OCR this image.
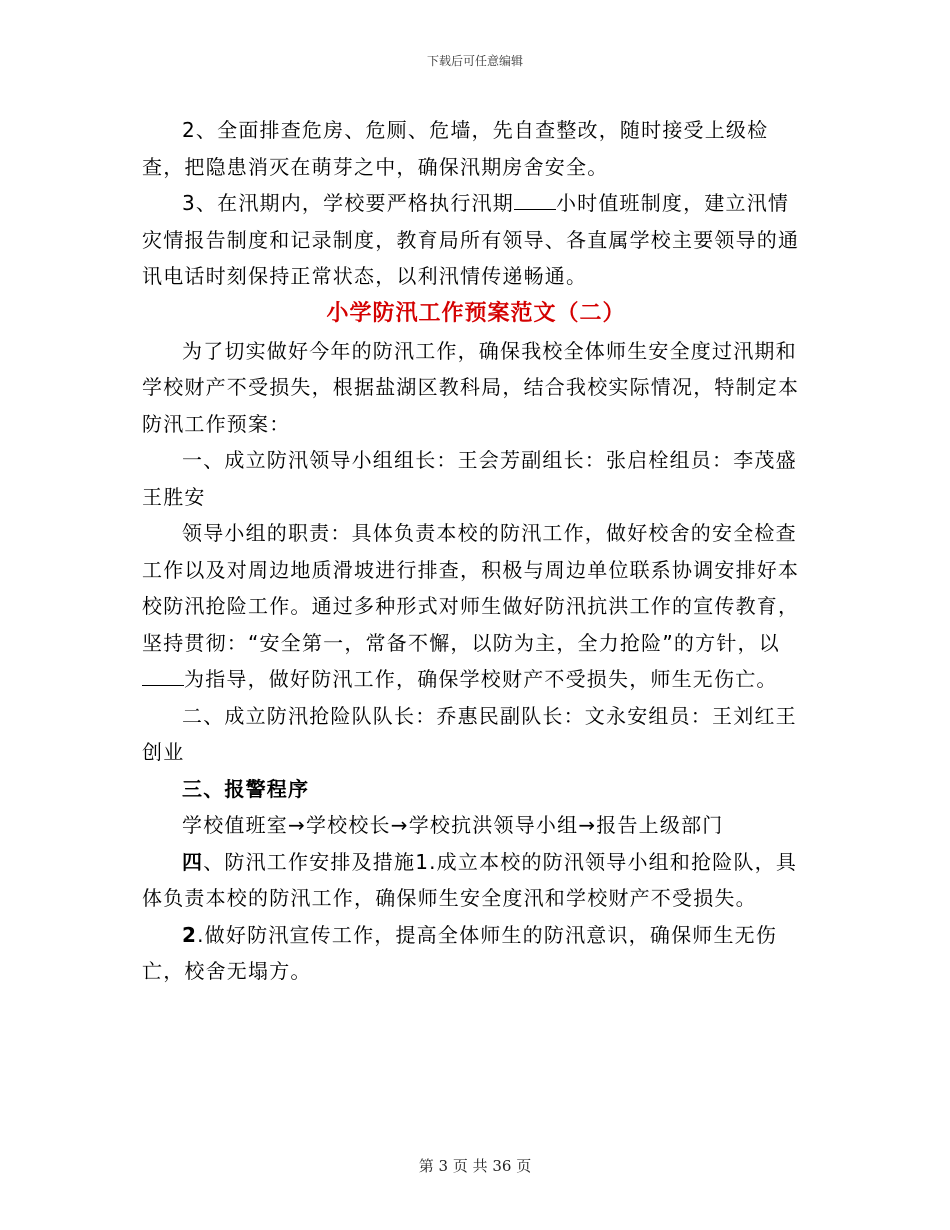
下载后可任意编辑

2、全面排查危房、危厕、危墙，先自查整改，随时接受上级检查，把隐患消灭在萌芽之中，确保汛期房舍安全。

3、在汛期内，学校要严格执行汛期 小时值班制度，建立汛情灾情报告制度和记录制度，教育局所有领导、各直属学校主要领导的通讯电话时刻保持正常状态，以利汛情传递畅通。

小学防汛工作预案范文（二）

为了切实做好今年的防汛工作，确保我校全体师生安全度过汛期和学校财产不受损失，根据盐湖区教科局，结合我校实际情况，特制定本防汛工作预案：

一、成立防汛领导小组组长：王会芳副组长：张启栓组员：李茂盛王胜安

领导小组的职责：具体负责本校的防汛工作，做好校舍的安全检查工作以及对周边地质滑坡进行排查，积极与周边单位联系协调安排好本校防汛抢险工作。通过多种形式对师生做好防汛抗洪工作的宣传教育，坚持贯彻：“安全第一，常备不懈，以防为主，全力抢险”的方针，以为指导，做好防汛工作，确保学校财产不受损失，师生无伤亡。

二、成立防汛抢险队队长：乔惠民副队长：文永安组员：王刘红王创业

三、报警程序

学校值班室→学校校长→学校抗洪领导小组→报告上级部门

四、防汛工作安排及措施1.成立本校的防汛领导小组和抢险队，具体负责本校的防汛工作，确保师生安全度汛和学校财产不受损失。

2.做好防汛宣传工作，提高全体师生的防汛意识，确保师生无伤亡，校舍无塌方。

第 3 页 共 36 页
